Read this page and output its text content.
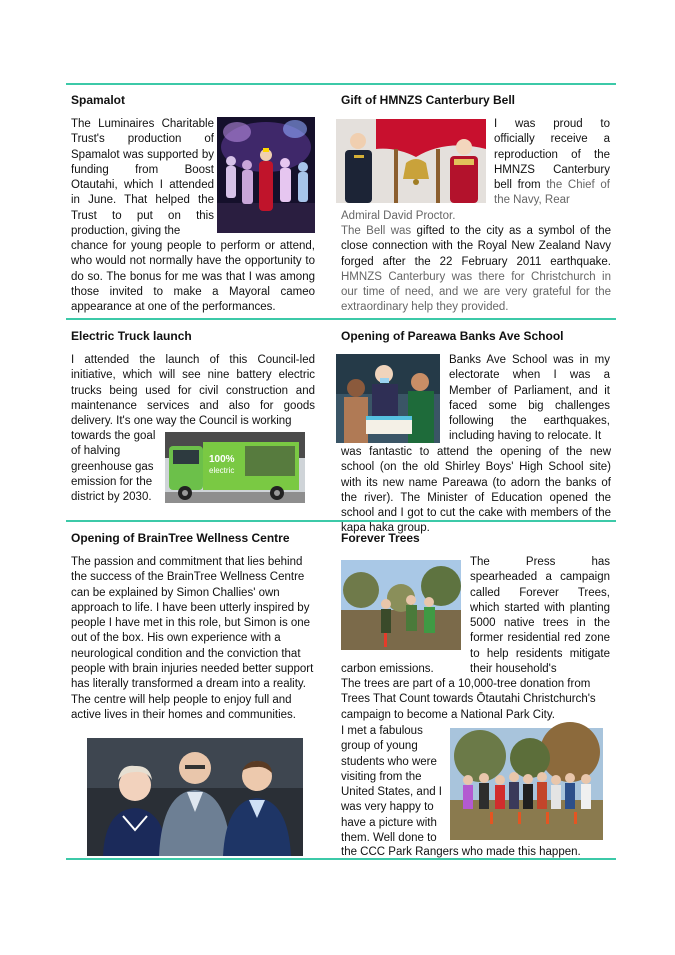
Spamalot

The Luminaires Charitable Trust's production of Spamalot was supported by funding from Boost Otautahi, which I attended in June. That helped the Trust to put on this production, giving the

chance for young people to perform or attend, who would not normally have the opportunity to do so. The bonus for me was that I was among those invited to make a Mayoral cameo appearance at one of the performances.

Gift of HMNZS Canterbury Bell

I was proud to officially receive a reproduction of the HMNZS Canterbury bell from the Chief of the Navy, Rear

Admiral David Proctor.

The Bell was gifted to the city as a symbol of the close connection with the Royal New Zealand Navy forged after the 22 February 2011 earthquake. HMNZS Canterbury was there for Christchurch in our time of need, and we are very grateful for the extraordinary help they provided.

Electric Truck launch

I attended the launch of this Council-led initiative, which will see nine battery electric trucks being used for civil construction and maintenance services and also for goods delivery. It's one way the Council is working

towards the goal of halving greenhouse gas emission for the district by 2030.

100%
electric
Opening of Pareawa Banks Ave School

Banks Ave School was in my electorate when I was a Member of Parliament, and it faced some big challenges following the earthquakes, including having to relocate. It

was fantastic to attend the opening of the new school (on the old Shirley Boys' High School site) with its new name Pareawa (to adorn the banks of the river). The Minister of Education opened the school and I got to cut the cake with members of the kapa haka group.

Opening of BrainTree Wellness Centre

The passion and commitment that lies behind the success of the BrainTree Wellness Centre can be explained by Simon Challies' own approach to life. I have been utterly inspired by people I have met in this role, but Simon is one out of the box. His own experience with a neurological condition and the conviction that people with brain injuries needed better support has literally transformed a dream into a reality. The centre will help people to enjoy full and active lives in their homes and communities.

Forever Trees

The Press has spearheaded a campaign called Forever Trees, which started with planting 5000 native trees in the former residential red zone to help residents mitigate their household's

carbon emissions.

The trees are part of a 10,000-tree donation from Trees That Count towards Ōtautahi Christchurch's campaign to become a National Park City.

I met a fabulous group of young students who were visiting from the United States, and I was very happy to have a picture with them. Well done to

the CCC Park Rangers who made this happen.
